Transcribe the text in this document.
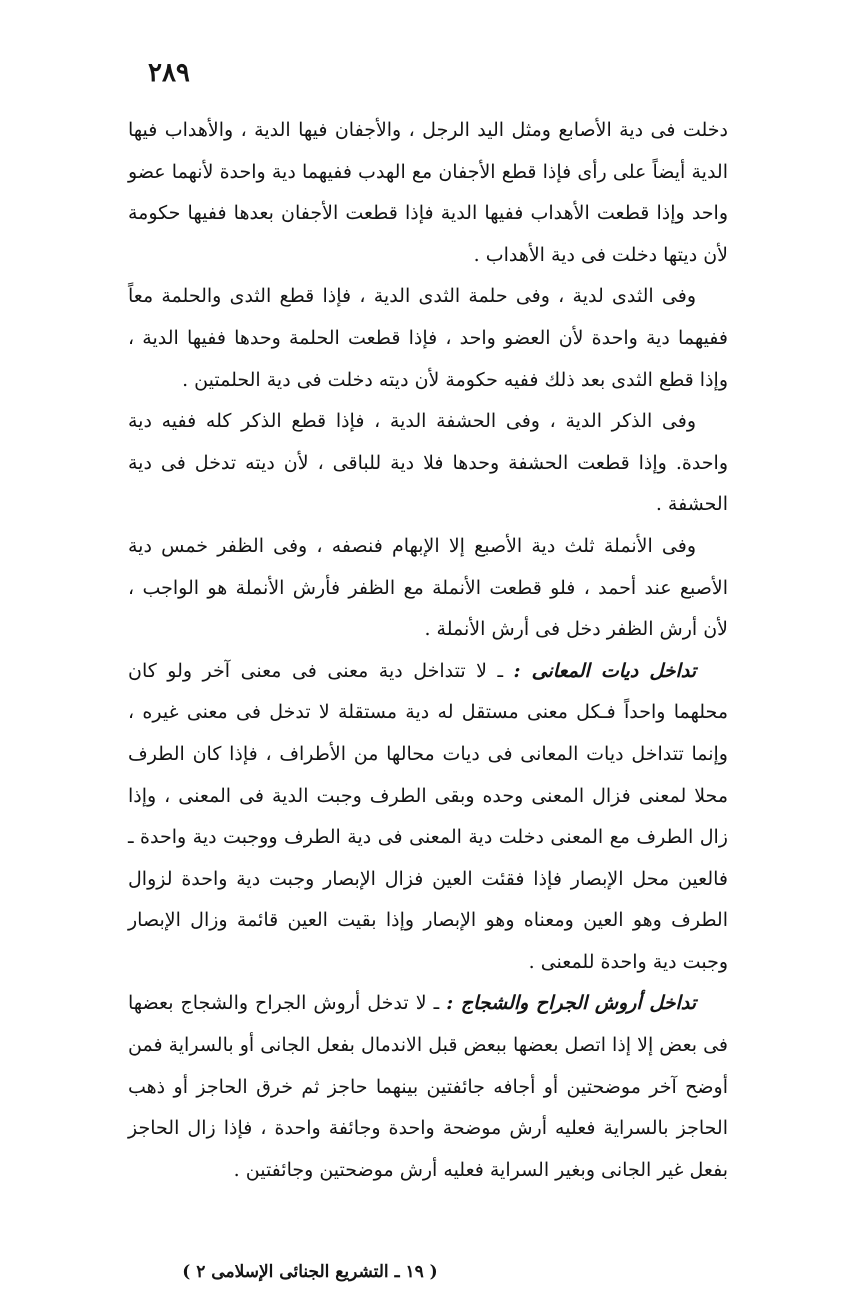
٢٨٩

دخلت فى دية الأصابع ومثل اليد الرجل ، والأجفان فيها الدية ، والأهداب فيها الدية أيضاً على رأى فإذا قطع الأجفان مع الهدب ففيهما دية واحدة لأنهما عضو واحد وإذا قطعت الأهداب ففيها الدية فإذا قطعت الأجفان بعدها ففيها حكومة لأن ديتها دخلت فى دية الأهداب .

وفى الثدى لدية ، وفى حلمة الثدى الدية ، فإذا قطع الثدى والحلمة معاً ففيهما دية واحدة لأن العضو واحد ، فإذا قطعت الحلمة وحدها ففيها الدية ، وإذا قطع الثدى بعد ذلك ففيه حكومة لأن ديته دخلت فى دية الحلمتين .

وفى الذكر الدية ، وفى الحشفة الدية ، فإذا قطع الذكر كله ففيه دية واحدة. وإذا قطعت الحشفة وحدها فلا دية للباقى ، لأن ديته تدخل فى دية الحشفة .

وفى الأنملة ثلث دية الأصبع إلا الإبهام فنصفه ، وفى الظفر خمس دية الأصبع عند أحمد ، فلو قطعت الأنملة مع الظفر فأرش الأنملة هو الواجب ، لأن أرش الظفر دخل فى أرش الأنملة .

تداخل ديات المعانى : ـ لا تتداخل دية معنى فى معنى آخر ولو كان محلهما واحداً فـكل معنى مستقل له دية مستقلة لا تدخل فى معنى غيره ، وإنما تتداخل ديات المعانى فى ديات محالها من الأطراف ، فإذا كان الطرف محلا لمعنى فزال المعنى وحده وبقى الطرف وجبت الدية فى المعنى ، وإذا زال الطرف مع المعنى دخلت دية المعنى فى دية الطرف ووجبت دية واحدة ـ فالعين محل الإبصار فإذا فقئت العين فزال الإبصار وجبت دية واحدة لزوال الطرف وهو العين ومعناه وهو الإبصار وإذا بقيت العين قائمة وزال الإبصار وجبت دية واحدة للمعنى .

تداخل أروش الجراح والشجاج : ـ لا تدخل أروش الجراح والشجاج بعضها فى بعض إلا إذا اتصل بعضها ببعض قبل الاندمال بفعل الجانى أو بالسراية فمن أوضح آخر موضحتين أو أجافه جائفتين بينهما حاجز ثم خرق الحاجز أو ذهب الحاجز بالسراية فعليه أرش موضحة واحدة وجائفة واحدة ، فإذا زال الحاجز بفعل غير الجانى وبغير السراية فعليه أرش موضحتين وجائفتين .

( ١٩ ـ التشريع الجنائى الإسلامى ٢ )
